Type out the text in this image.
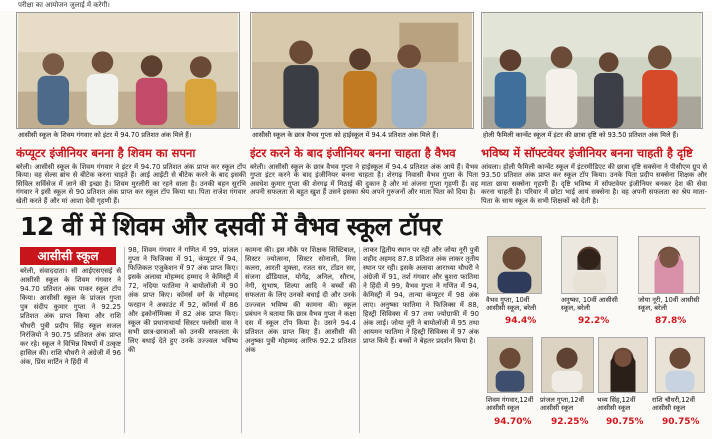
परीक्षा का आयोजन जुलाई में करेगी।
आसीसी स्कूल के शिवम गंगवार को इंटर में 94.70 प्रतिशत अंक मिले हैं।
कंप्यूटर इंजीनियर बनना है शिवम का सपना
बरेली। आसीसी स्कूल के शिवम गंगवार ने इंटर में 94.70 प्रतिशत अंक प्राप्त कर स्कूल टॉप किया। वह सेल्स ब्रांच से बीटेक करना चाहते हैं। आई आईटी से बीटेक करने के बाद इसकी सिविल सर्विसेज में जाने की इच्छा है। शिवम मुरलीरी का रहने वाला है। उनकी बहन सुरभि गंगवार ने इसी स्कूल से 90 प्रतिशत अंक प्राप्त कर स्कूल टॉप किया था। पिता राजेश गंगवार खेती करते हैं और मां आशा देवी गृहणी हैं।
आसीसी स्कूल के छात्र वैभव गुप्ता को हाईस्कूल में 94.4 प्रतिशत अंक मिले हैं।
इंटर करने के बाद इंजीनियर बनना चाहता है वैभव
बरेली। आसीसी स्कूल के छात्र वैभव गुप्ता ने हाईस्कूल में 94.4 प्रतिशत अंक आये हैं। वैभव गुप्ता इंटर करने के बाद इंजीनियर बनना चाहता है। शेरगढ़ निवासी वैभव गुप्ता के पिता अवधेश कुमार गुप्ता की शेरगढ़ में मिठाई की दुकान है और मां अंजना गुप्ता गृहणी हैं। वह अपनी सफलता से बहुत खुश हैं उसने इसका श्रेय अपने गुरुजनों और माता पिता को दिया है।
होली फैमिली कान्वेंट स्कूल में इंटर की छात्रा दृष्टि को 93.50 प्रतिशत अंक मिले हैं।
भविष्य में सॉफ्टवेयर इंजीनियर बनना चाहती है दृष्टि
आंवला। होली फैमिली कान्वेंट स्कूल में इंटरमीडिएट की छात्रा दृष्टि सक्सेना ने पीसीएम ग्रुप से 93.50 प्रतिशत अंक प्राप्त कर स्कूल टॉप किया। उनके पिता प्रदीप सक्सेना शिक्षक और माता छाया सक्सेना गृहणी हैं। दृष्टि भविष्य में सॉफ्टवेयर इंजीनियर बनकर देश की सेवा करना चाहती है। परिवार में छोटा भाई आयं सक्सेना है। वह अपनी सफलता का श्रेय माता-पिता के साथ स्कूल के सभी शिक्षकों को देती है।
12 वीं में शिवम और दसवीं में वैभव स्कूल टॉपर
आसीसी स्कूल
बरेली, संवाददाता। सी आईएसएसई से आसीसी स्कूल के शिवम गंगवार ने 94.70 प्रतिशत अंक पाकर स्कूल टॉप किया। आसीसी स्कूल के प्रांजल गुप्ता पुत्र संदीप कुमार गुप्ता ने 92.25 प्रतिशत अंक प्राप्त किया और राशि चौधरी पुत्री प्रदीप सिंह स्कूल सजल निरंजियो ने 90.75 प्रतिशत अंक प्राप्त कर रहे। स्कूल ने विभिन्न विषयों में उत्कृष्ट हासिल की। राशि चौधरी ने अंग्रेजी में 96 अंक, प्रिंस मार्टिन ने हिंदी में
98, शिवम गंगवार ने गणित में 99, प्रांजल गुप्ता ने फिजिक्स में 91, कंप्यूटर में 94, फिजिकल एजुकेशन में 97 अंक प्राप्त किए। इसके अलावा मोहम्मद हम्माद ने केमिस्ट्री में 72, नदिया फातिमा ने बायोलॉजी में 90 अंक प्राप्त किए। कॉमर्स वर्ग के मोहम्मद फरहान ने अकाउंट में 92, कॉमर्स में 86 और इकोनॉमिक्स में 82 अंक प्राप्त किए। स्कूल की प्रधानाचार्या सिस्टर फ्लोसी वास ने सभी छात्र-छात्राओं को उनकी सफलता के लिए बधाई देते हुए उनके उज्ज्वल भविष्य की
कामना की। इस मौके पर शिक्षक सिस्टिबाल, सिस्टर ज्योत्सना, सिस्टर सोनाली, मिस कलरा, आरती शुक्ला, रजत सर, टॉडन सर, संजना ढौंडियाल, योगेंद्र, अनिल, सौरभ, नेगी, सुभाष, शिल्पा आदि ने बच्चों की सफलता के लिए उनको बधाई दी और उनके उज्ज्वल भविष्य की कामना की। स्कूल प्रबंधन ने बताया कि छात्र वैभव गुप्ता ने कक्षा दस में स्कूल टॉप किया है। उसने 94.4 प्रतिशत अंक प्राप्त किए हैं। आसीसी की अनुष्का पुत्री मोहम्मद आरिफ 92.2 प्रतिशत अंक
लाकर द्वितीय स्थान पर रही और जोया नूरी पुत्री शहीद अहमद 87.8 प्रतिशत अंक लाकर तृतीय स्थान पर रही। इसके अलावा आराध्या चौधरी ने अंग्रेजी में 91, तर्श गंगवार और बुशरा फातिमा ने हिंदी में 99, वैभव गुप्ता ने गणित में 94, केमिस्ट्री में 94, तान्या कंप्यूटर में 98 अंक लाए। अनुष्का फातिमा ने फिजिक्स में 88, हिस्ट्री सिविक्स में 97 तथा ज्योग्राफी में 90 अंक लाई। जोया नूरी ने बायोलॉजी में 95 तथा आयमन फातिमा ने हिस्ट्री सिविक्स में 97 अंक प्राप्त किये हैं। बच्चों ने बेहतर प्रदर्शन किया है।
वैभव गुप्ता, 10वीं आसीसी स्कूल, बरेली
94.4%
अनुष्का, 10वीं आसीसी स्कूल, बरेली
92.2%
जोया नूरी, 10वीं आसीसी स्कूल, बरेली
87.8%
शिवम गंगवार,12वीं आसीसी स्कूल
94.70%
प्रांजल गुप्ता,12वीं आसीसी स्कूल
92.25%
भव्य सिंह,12वीं आसीसी स्कूल
90.75%
राशि चौधरी,12वीं आसीसी स्कूल
90.75%
